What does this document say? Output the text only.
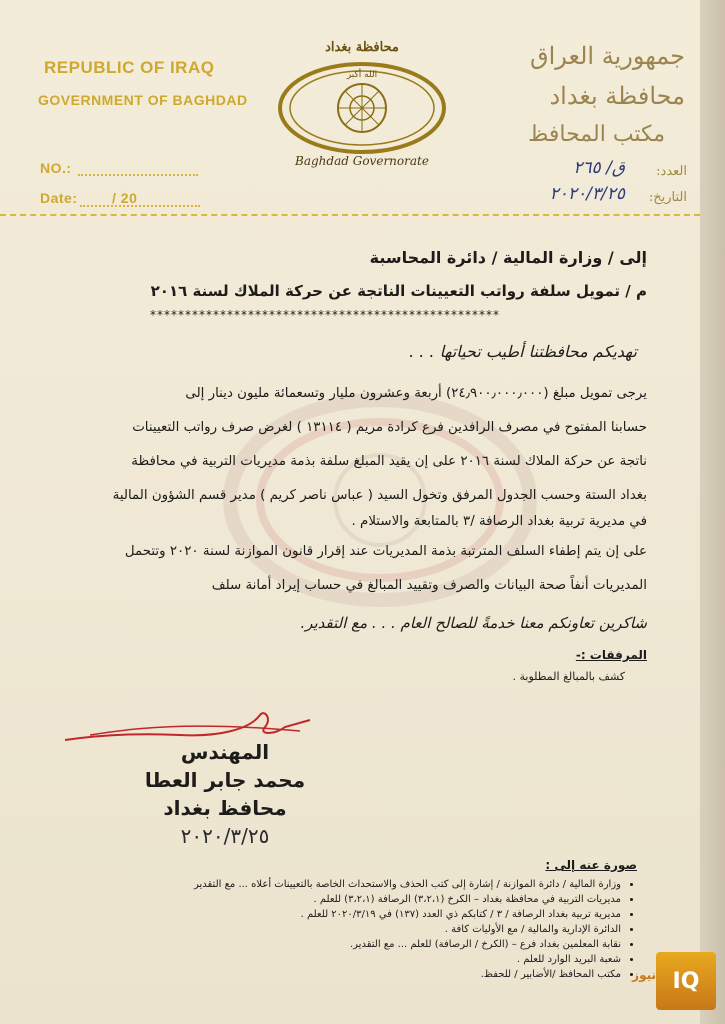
REPUBLIC OF IRAQ
GOVERNMENT OF BAGHDAD
NO.:
Date: / 20
محافظة بغداد
الله أكبر
Baghdad Governorate
جمهورية العراق
محافظة بغداد
مكتب المحافظ
العدد:
ق/ ٢٦٥
التاريخ:
٢٠٢٠/٣/٢٥
إلى / وزارة المالية / دائرة المحاسبة
م / تمويل سلفة رواتب التعيينات الناتجة عن حركة الملاك لسنة ٢٠١٦
**************************************************
تهديكم محافظتنا أطيب تحياتها . . .
يرجى تمويل مبلغ (٢٤٫٩٠٠٫٠٠٠٫٠٠٠) أربعة وعشرون مليار وتسعمائة مليون دينار إلى
حسابنا المفتوح في مصرف الرافدين فرع كرادة مريم ( ١٣١١٤ ) لغرض صرف رواتب التعيينات
ناتجة عن حركة الملاك لسنة ٢٠١٦ على إن يقيد المبلغ سلفة بذمة مديريات التربية في محافظة
بغداد الستة وحسب الجدول المرفق وتخول السيد ( عباس ناصر كريم ) مدير قسم الشؤون المالية
في مديرية تربية بغداد الرصافة /٣ بالمتابعة والاستلام .
على إن يتم إطفاء السلف المترتبة بذمة المديريات عند إقرار قانون الموازنة لسنة ٢٠٢٠ وتتحمل
المديريات أنفاً صحة البيانات والصرف وتقييد المبالغ في حساب إيراد أمانة سلف
شاكرين تعاونكم معنا خدمةً للصالح العام . . . مع التقدير.
المرفقات :-
كشف بالمبالغ المطلوبة .
المهندس
محمد جابر العطا
محافظ بغداد
٢٠٢٠/٣/٢٥
صورة عنه إلى :
• وزارة المالية / دائرة الموازنة / إشارة إلى كتب الحذف والاستحداث الخاصة بالتعيينات أعلاه ... مع التقدير
• مديريات التربية في محافظة بغداد – الكرخ (٣،٢،١) الرصافة (٣،٢،١) للعلم .
• مديرية تربية بغداد الرصافة / ٣ / كتابكم ذي العدد (١٣٧) في ٢٠٢٠/٣/١٩ للعلم .
• الدائرة الإدارية والمالية / مع الأوليات كافة .
• نقابة المعلمين بغداد فرع – (الكرخ / الرصافة) للعلم ... مع التقدير.
• شعبة البريد الوارد للعلم .
• مكتب المحافظ /الأضابير / للحفظ. IQ
نيوز
